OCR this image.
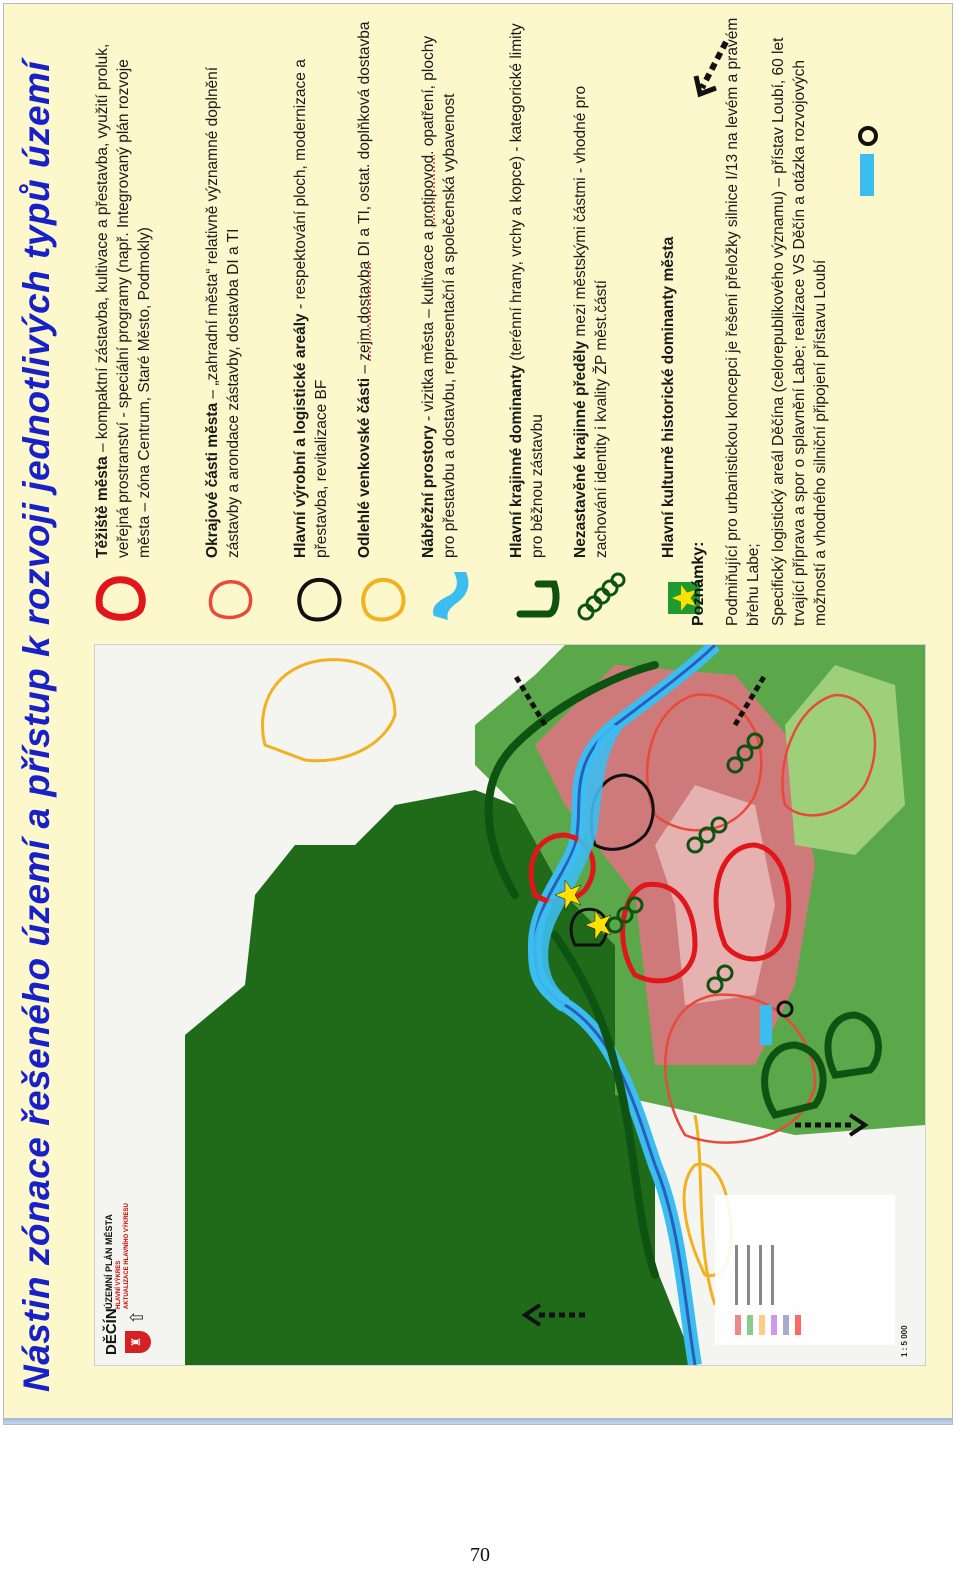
Nástin zónace řešeného území a přístup k rozvoji jednotlivých typů území	DĚČÍN
ÚZEMNÍ PLÁN MĚSTA HLAVNÍ VÝKRES AKTUALIZACE HLAVNÍHO VÝKRESU
♜
⇧
1 : 5 000

Těžiště města – kompaktní zástavba, kultivace a přestavba, využití proluk, veřejná prostranství - speciální programy (např. Integrovaný plán rozvoje města – zóna Centrum, Staré Město, Podmokly)	Okrajové části města – „zahradní města“ relativně významné doplnění zástavby a arondace zástavby, dostavba DI a TI	Hlavní výrobní a logistické areály - respektování ploch, modernizace a přestavba, revitalizace BF Odlehlé venkovské části – zejm.dostavba DI a TI, ostat. doplňková dostavba

Nábřežní prostory - vizitka města – kultivace a protipovod. opatření, plochy pro přestavbu a dostavbu, representační a společenská vybavenost	Hlavní krajinné dominanty (terénní hrany, vrchy a kopce) - kategorické limity pro běžnou zástavbu Nezastavěné krajinné předěly mezi městskými částmi - vhodné pro zachování identity i kvality ŽP měst.částí	Hlavní kulturně historické dominanty města

Poznámky: Podmiňující pro urbanistickou koncepci je řešení přeložky silnice I/13 na levém a pravém břehu Labe; Specifický logistický areál Děčína (celorepublikového významu) – přístav Loubí, 60 let trvající příprava a spor o splavnění Labe; realizace VS Děčín a otázka rozvojových možností a vhodného silniční připojení přístavu Loubí

70
